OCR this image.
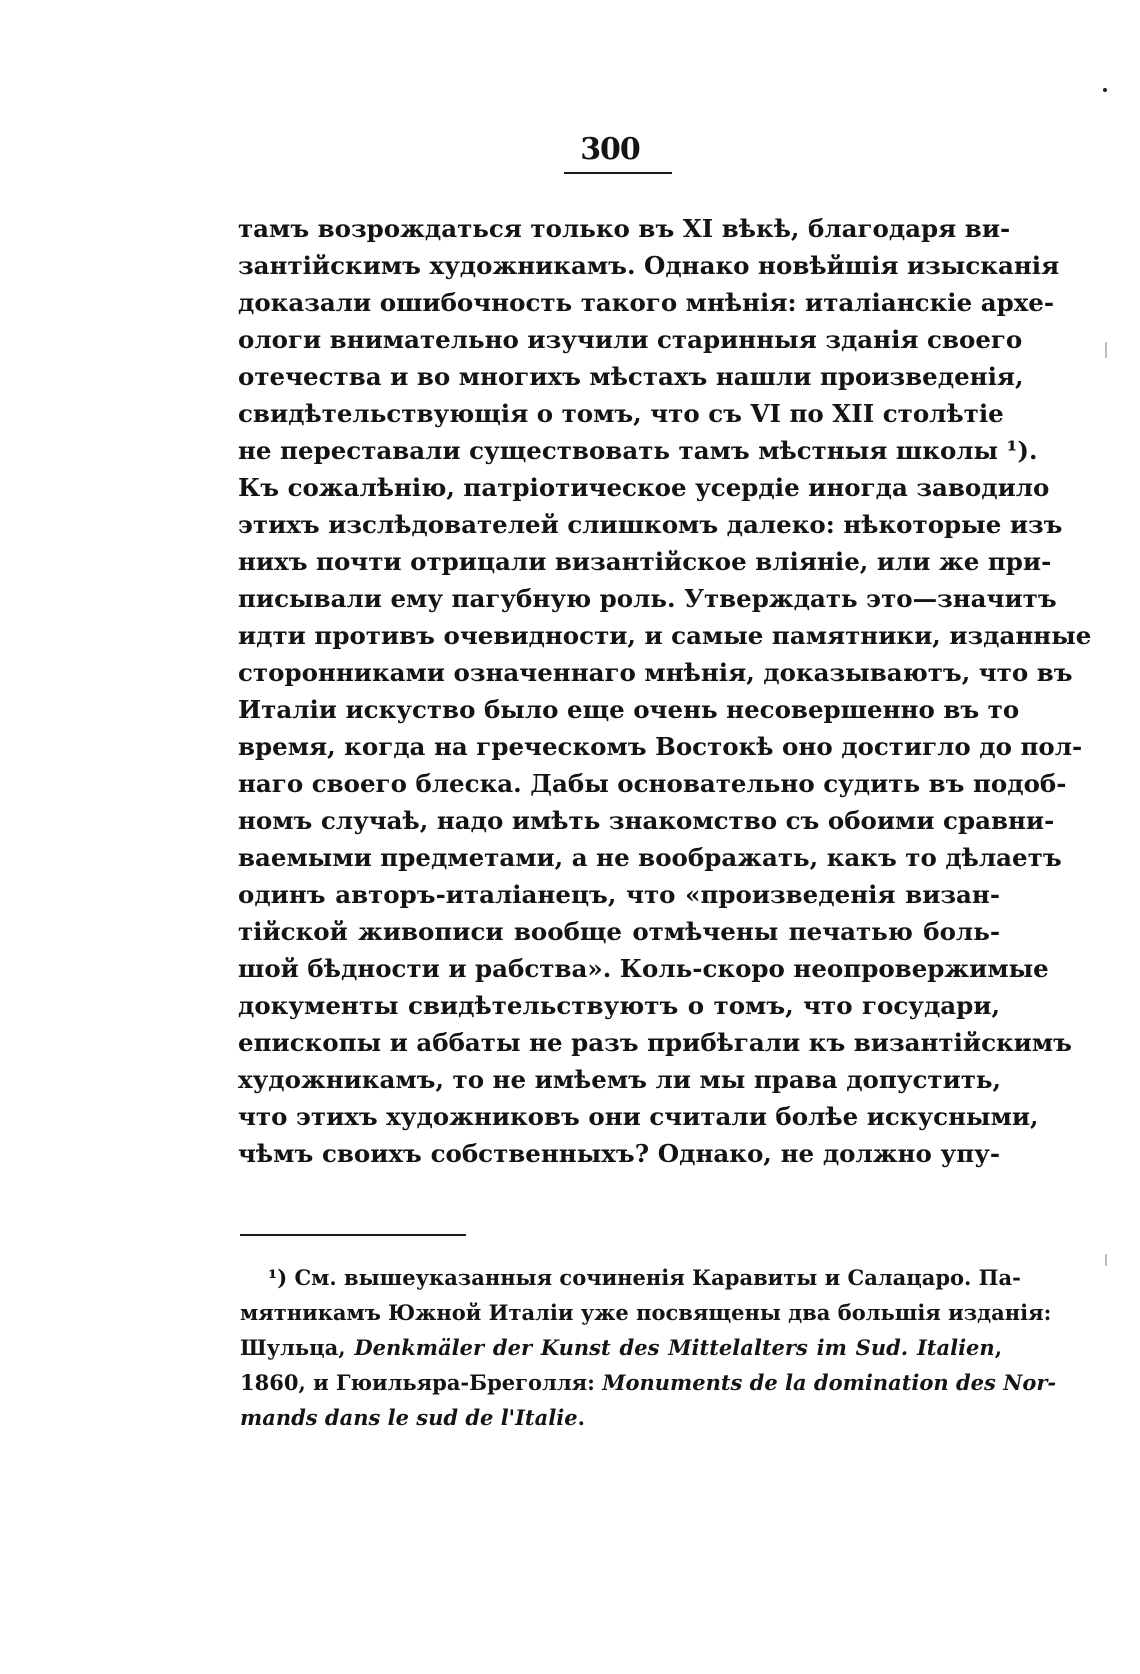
300
тамъ возрождаться только въ XI вѣкѣ, благодаря ви-
зантійскимъ художникамъ. Однако новѣйшія изысканія
доказали ошибочность такого мнѣнія: италіанскіе архе-
ологи внимательно изучили старинныя зданія своего
отечества и во многихъ мѣстахъ нашли произведенія,
свидѣтельствующія о томъ, что съ VI по XII столѣтіе
не переставали существовать тамъ мѣстныя школы ¹).
Къ сожалѣнію, патріотическое усердіе иногда заводило
этихъ изслѣдователей слишкомъ далеко: нѣкоторые изъ
нихъ почти отрицали византійское вліяніе, или же при-
писывали ему пагубную роль. Утверждать это—значитъ
идти противъ очевидности, и самые памятники, изданные
сторонниками означеннаго мнѣнія, доказываютъ, что въ
Италіи искуство было еще очень несовершенно въ то
время, когда на греческомъ Востокѣ оно достигло до пол-
наго своего блеска. Дабы основательно судить въ подоб-
номъ случаѣ, надо имѣть знакомство съ обоими сравни-
ваемыми предметами, а не воображать, какъ то дѣлаетъ
одинъ авторъ-италіанецъ, что «произведенія визан-
тійской живописи вообще отмѣчены печатью боль-
шой бѣдности и рабства». Коль-скоро неопровержимые
документы свидѣтельствуютъ о томъ, что государи,
епископы и аббаты не разъ прибѣгали къ византійскимъ
художникамъ, то не имѣемъ ли мы права допустить,
что этихъ художниковъ они считали болѣе искусными,
чѣмъ своихъ собственныхъ? Однако, не должно упу-
¹) См. вышеуказанныя сочиненія Каравиты и Салацаро. Па-
мятникамъ Южной Италіи уже посвящены два большія изданія:
Шульца, Denkmäler der Kunst des Mittelalters im Sud. Italien,
1860, и Гюильяра-Бреголля: Monuments de la domination des Nor-
mands dans le sud de l'Italie.
